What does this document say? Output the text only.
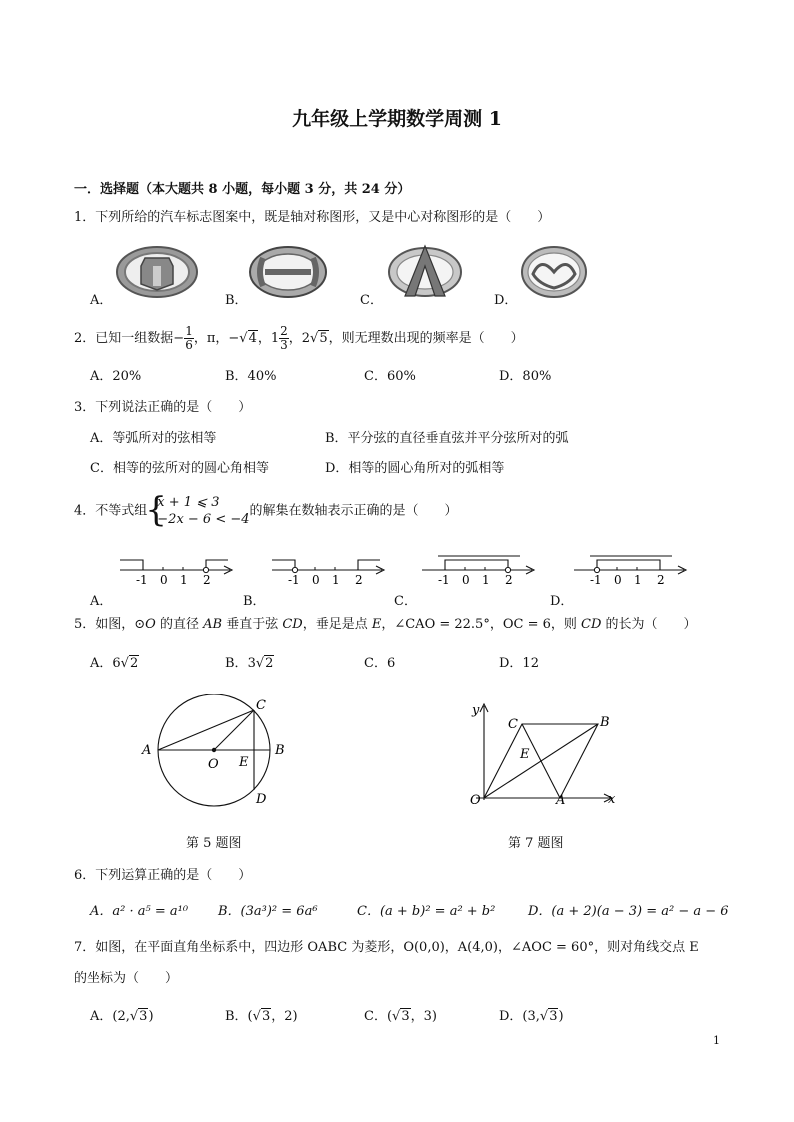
九年级上学期数学周测 1
一．选择题（本大题共 8 小题，每小题 3 分，共 24 分）
1．下列所给的汽车标志图案中，既是轴对称图形，又是中心对称图形的是（　　）
A．	B．	C．	D．
2．已知一组数据− $\frac{1}{6}$ ，π，−√4，$1 \frac{2}{3}$ ，2√5，则无理数出现的频率是（　　）
A．20%	B．40%	C．60%	D．80%
3．下列说法正确的是（　　）
A．等弧所对的弦相等	B．平分弦的直径垂直弦并平分弦所对的弧
C．相等的弦所对的圆心角相等	D．相等的圆心角所对的弧相等
4．不等式组
{ x + 1 ⩽ 3
−2x − 6 < −4
的解集在数轴表示正确的是（　　）
A．	B．	C．	D．
-1 0 1 2	-1 0 1 2	-1 0 1 2	-1 0 1 2
5．如图，⊙O 的直径 AB 垂直于弦 CD，垂足是点 E，∠CAO = 22.5°，OC = 6，则 CD 的长为（　　）
A．6√2	B．3√2	C．6	D．12
A	B
C
D
O E
第 5 题图
y
x
O	A
B
C
E
第 7 题图
6．下列运算正确的是（　　）
A．a² · a⁵ = a¹⁰ B．(3a³)² = 6a⁶	C．(a + b)² = a² + b²	D．(a + 2)(a − 3) = a² − a − 6
7．如图，在平面直角坐标系中，四边形 OABC 为菱形，O(0,0)，A(4,0)，∠AOC = 60°，则对角线交点 E
的坐标为（　　）
A．(2,√3)	B．(√3，2)	C．(√3，3)	D．(3,√3)
1
